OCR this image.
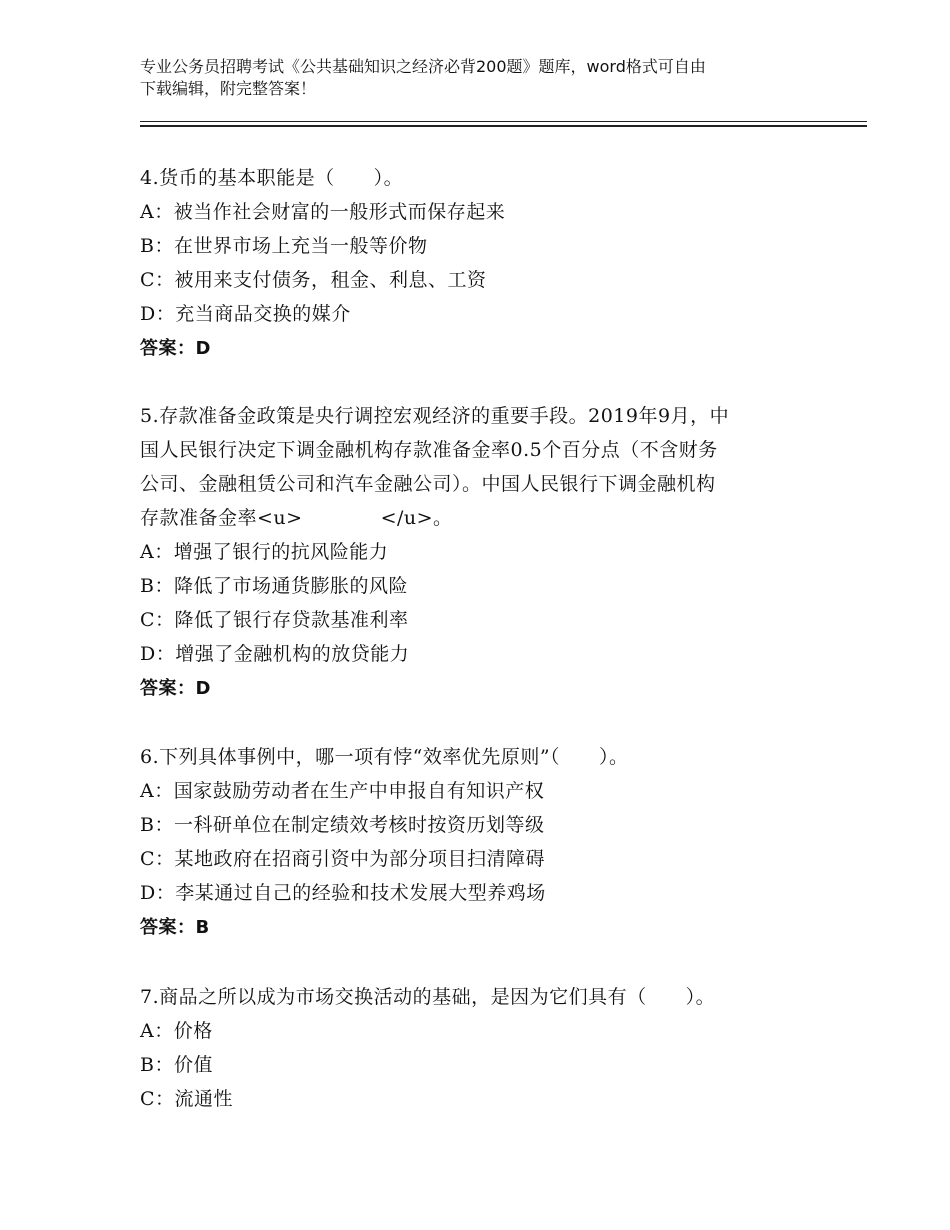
专业公务员招聘考试《公共基础知识之经济必背200题》题库，word格式可自由
下载编辑，附完整答案！
4.货币的基本职能是（　　）。
A：被当作社会财富的一般形式而保存起来
B：在世界市场上充当一般等价物
C：被用来支付债务，租金、利息、工资
D：充当商品交换的媒介
答案：D
5.存款准备金政策是央行调控宏观经济的重要手段。2019年9月，中
国人民银行决定下调金融机构存款准备金率0.5个百分点（不含财务
公司、金融租赁公司和汽车金融公司）。中国人民银行下调金融机构
存款准备金率<u>　　　　</u>。
A：增强了银行的抗风险能力
B：降低了市场通货膨胀的风险
C：降低了银行存贷款基准利率
D：增强了金融机构的放贷能力
答案：D
6.下列具体事例中，哪一项有悖“效率优先原则”（　　）。
A：国家鼓励劳动者在生产中申报自有知识产权
B：一科研单位在制定绩效考核时按资历划等级
C：某地政府在招商引资中为部分项目扫清障碍
D：李某通过自己的经验和技术发展大型养鸡场
答案：B
7.商品之所以成为市场交换活动的基础，是因为它们具有（　　）。
A：价格
B：价值
C：流通性
